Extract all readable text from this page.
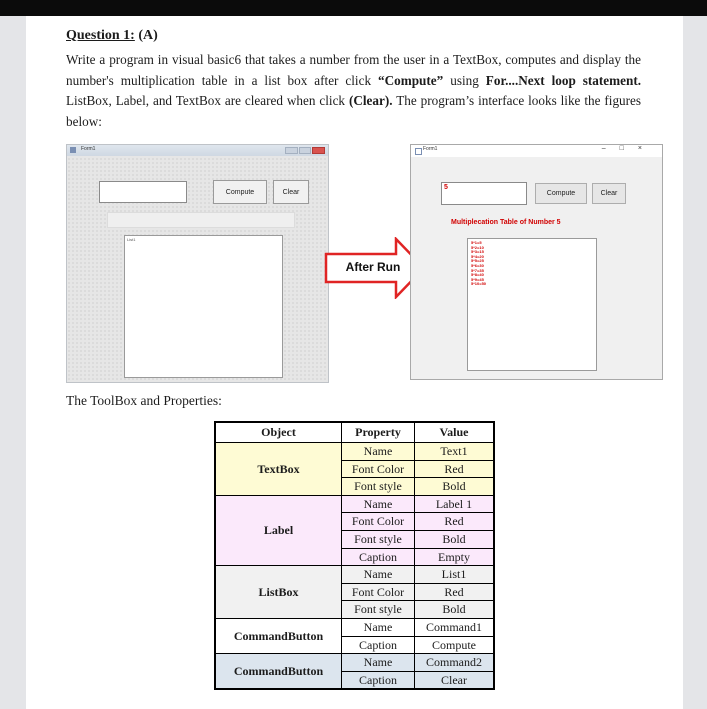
Question 1: (A)
Write a program in visual basic6 that takes a number from the user in a TextBox, computes and display the number's multiplication table in a list box after click “Compute” using For....Next loop statement. ListBox, Label, and TextBox are cleared when click (Clear). The program’s interface looks like the figures below:
Form1
Compute	Clear
List1
After Run
Form1	–□×
5
Compute	Clear
Multiplecation Table of Number 5
5*1=5
5*2=10
5*3=15
5*4=20
5*5=25
5*6=30
5*7=35
5*8=40
5*9=45
5*10=50
The ToolBox and Properties:
Object	Property	Value
TextBox	Name	Text1
	Font Color	Red
	Font style	Bold
Label	Name	Label 1
	Font Color	Red
	Font style	Bold
	Caption	Empty
ListBox	Name	List1
	Font Color	Red
	Font style	Bold
CommandButton	Name	Command1
	Caption	Compute
CommandButton	Name	Command2
	Caption	Clear
